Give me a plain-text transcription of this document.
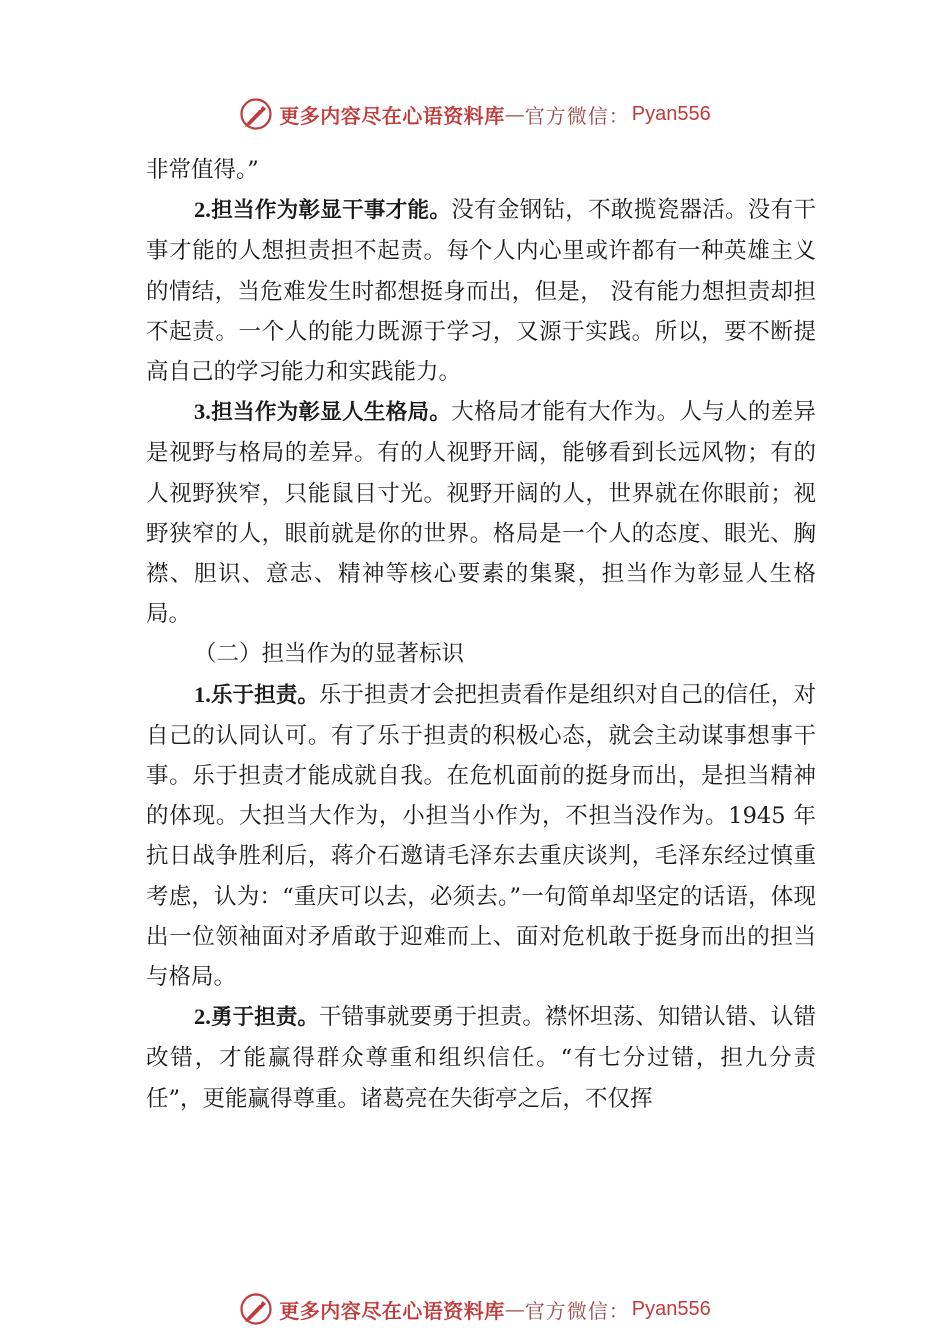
更多内容尽在心语资料库 — 官方微信： Pyan556

非常值得。”

2.担当作为彰显干事才能。没有金钢钻，不敢揽瓷器活。没有干事才能的人想担责担不起责。每个人内心里或许都有一种英雄主义的情结，当危难发生时都想挺身而出，但是， 没有能力想担责却担不起责。一个人的能力既源于学习，又源于实践。所以，要不断提高自己的学习能力和实践能力。

3.担当作为彰显人生格局。大格局才能有大作为。人与人的差异是视野与格局的差异。有的人视野开阔，能够看到长远风物；有的人视野狭窄，只能鼠目寸光。视野开阔的人，世界就在你眼前；视野狭窄的人，眼前就是你的世界。格局是一个人的态度、眼光、胸襟、胆识、意志、精神等核心要素的集聚，担当作为彰显人生格局。

（二）担当作为的显著标识

1.乐于担责。乐于担责才会把担责看作是组织对自己的信任，对自己的认同认可。有了乐于担责的积极心态，就会主动谋事想事干事。乐于担责才能成就自我。在危机面前的挺身而出，是担当精神的体现。大担当大作为，小担当小作为，不担当没作为。1945 年抗日战争胜利后，蒋介石邀请毛泽东去重庆谈判，毛泽东经过慎重考虑，认为：“重庆可以去，必须去。”一句简单却坚定的话语，体现出一位领袖面对矛盾敢于迎难而上、面对危机敢于挺身而出的担当与格局。

2.勇于担责。干错事就要勇于担责。襟怀坦荡、知错认错、认错改错，才能赢得群众尊重和组织信任。“有七分过错，担九分责任”，更能赢得尊重。诸葛亮在失街亭之后，不仅挥

更多内容尽在心语资料库 — 官方微信： Pyan556
